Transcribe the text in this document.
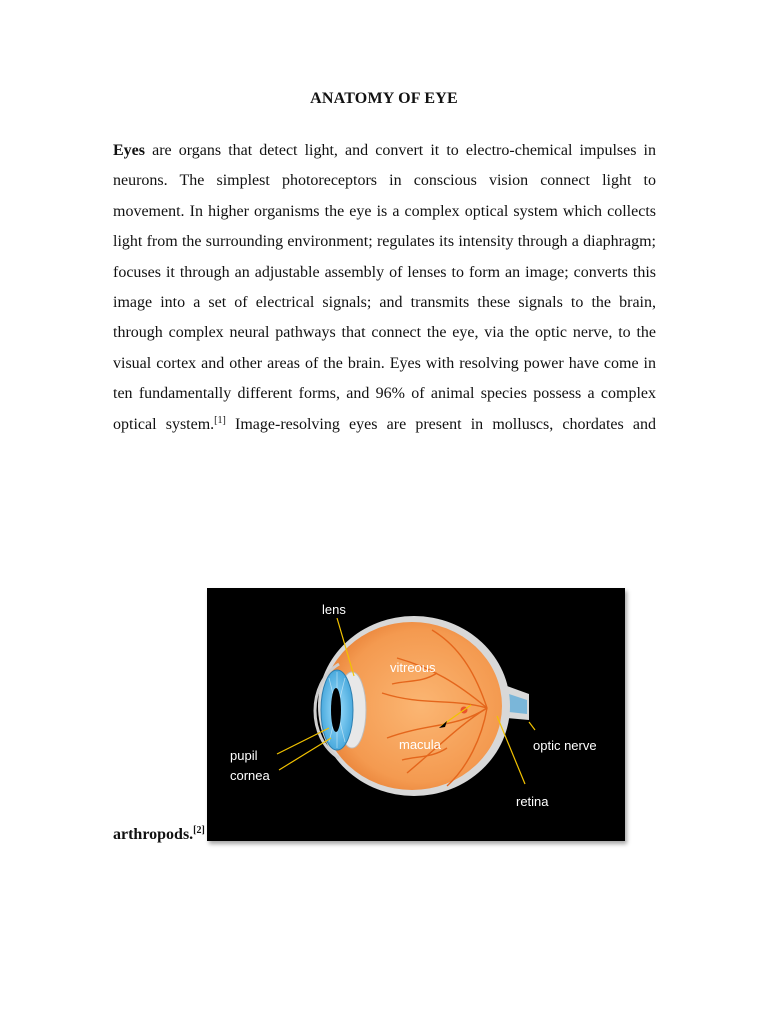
ANATOMY OF EYE
Eyes are organs that detect light, and convert it to electro-chemical impulses in neurons. The simplest photoreceptors in conscious vision connect light to movement. In higher organisms the eye is a complex optical system which collects light from the surrounding environment; regulates its intensity through a diaphragm; focuses it through an adjustable assembly of lenses to form an image; converts this image into a set of electrical signals; and transmits these signals to the brain, through complex neural pathways that connect the eye, via the optic nerve, to the visual cortex and other areas of the brain. Eyes with resolving power have come in ten fundamentally different forms, and 96% of animal species possess a complex optical system.[1] Image-resolving eyes are present in molluscs, chordates and
lens
vitreous
macula	optic nerve
pupil
cornea
retina
arthropods.[2]
